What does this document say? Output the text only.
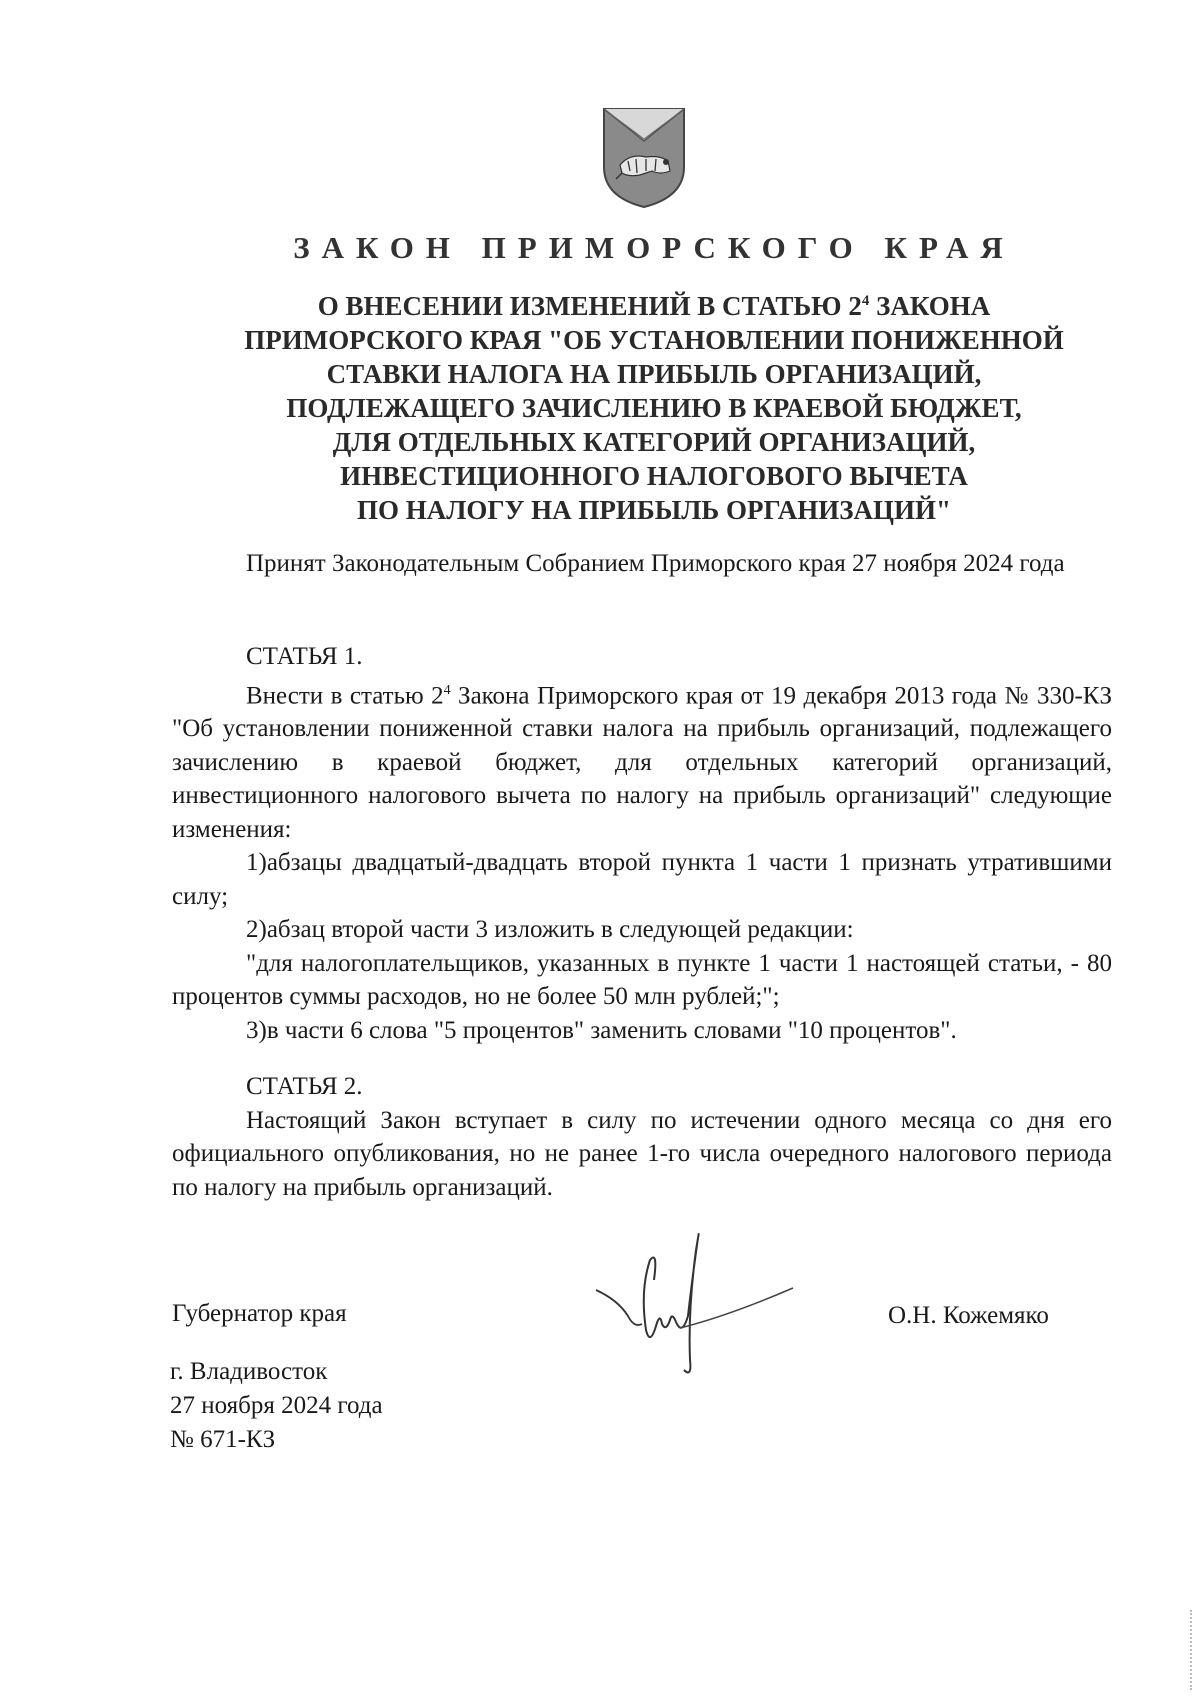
ЗАКОН ПРИМОРСКОГО КРАЯ
О ВНЕСЕНИИ ИЗМЕНЕНИЙ В СТАТЬЮ $2^4$ ЗАКОНА
ПРИМОРСКОГО КРАЯ "ОБ УСТАНОВЛЕНИИ ПОНИЖЕННОЙ
СТАВКИ НАЛОГА НА ПРИБЫЛЬ ОРГАНИЗАЦИЙ,
ПОДЛЕЖАЩЕГО ЗАЧИСЛЕНИЮ В КРАЕВОЙ БЮДЖЕТ,
ДЛЯ ОТДЕЛЬНЫХ КАТЕГОРИЙ ОРГАНИЗАЦИЙ,
ИНВЕСТИЦИОННОГО НАЛОГОВОГО ВЫЧЕТА
ПО НАЛОГУ НА ПРИБЫЛЬ ОРГАНИЗАЦИЙ"

Принят Законодательным Собранием Приморского края 27 ноября 2024 года

СТАТЬЯ 1.

Внести в статью $2^4$ Закона Приморского края от 19 декабря 2013 года № 330-КЗ "Об установлении пониженной ставки налога на прибыль организаций, подлежащего зачислению в краевой бюджет, для отдельных категорий организаций, инвестиционного налогового вычета по налогу на прибыль организаций" следующие изменения:

1)абзацы двадцатый-двадцать второй пункта 1 части 1 признать утратившими силу;

2)абзац второй части 3 изложить в следующей редакции:

"для налогоплательщиков, указанных в пункте 1 части 1 настоящей статьи, - 80 процентов суммы расходов, но не более 50 млн рублей;";

3)в части 6 слова "5 процентов" заменить словами "10 процентов".

СТАТЬЯ 2.

Настоящий Закон вступает в силу по истечении одного месяца со дня его официального опубликования, но не ранее 1-го числа очередного налогового периода по налогу на прибыль организаций.

Губернатор края	О.Н. Кожемяко
г. Владивосток
27 ноября 2024 года
№ 671-КЗ
